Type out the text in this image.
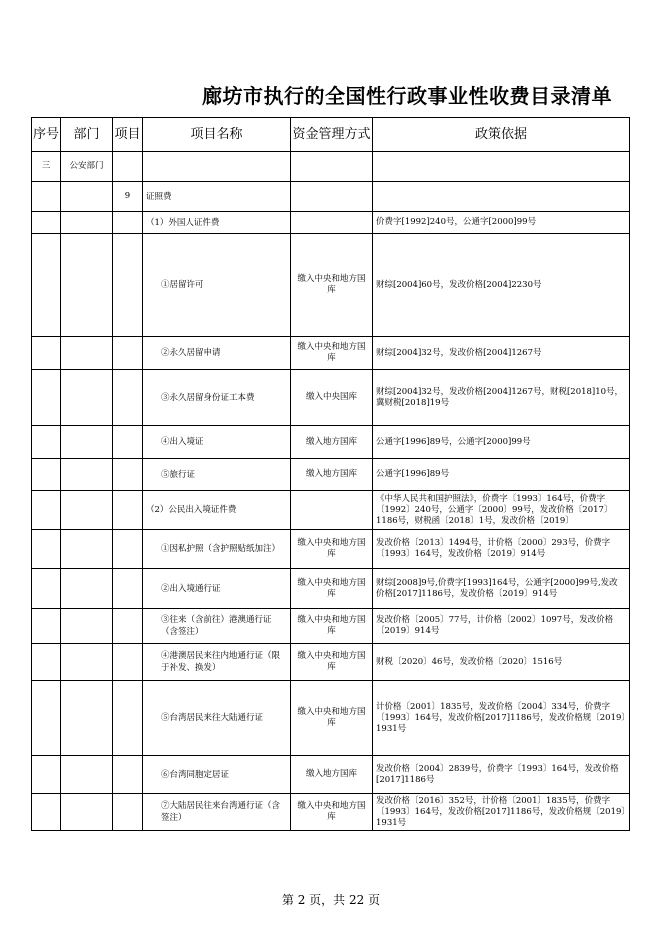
廊坊市执行的全国性行政事业性收费目录清单
序号	部门	项目	项目名称	资金管理方式	政策依据
三	公安部门				
		9	证照费		
			（1）外国人证件费		价费字[1992]240号，公通字[2000]99号
			①居留许可	缴入中央和地方国库	财综[2004]60号，发改价格[2004]2230号
			②永久居留申请	缴入中央和地方国库	财综[2004]32号，发改价格[2004]1267号
			③永久居留身份证工本费	缴入中央国库	财综[2004]32号，发改价格[2004]1267号，财税[2018]10号，冀财税[2018]19号
			④出入境证	缴入地方国库	公通字[1996]89号，公通字[2000]99号
			⑤旅行证	缴入地方国库	公通字[1996]89号
			（2）公民出入境证件费		《中华人民共和国护照法》，价费字〔1993〕164号，价费字〔1992〕240号，公通字〔2000〕99号，发改价格〔2017〕1186号，财税函〔2018〕1号，发改价格〔2019〕
			①因私护照（含护照贴纸加注）	缴入中央和地方国库	发改价格〔2013〕1494号，计价格〔2000〕293号，价费字〔1993〕164号，发改价格〔2019〕914号
			②出入境通行证	缴入中央和地方国库	财综[2008]9号,价费字[1993]164号，公通字[2000]99号,发改价格[2017]1186号，发改价格〔2019〕914号
			③往来（含前往）港澳通行证（含签注）	缴入中央和地方国库	发改价格〔2005〕77号，计价格〔2002〕1097号，发改价格〔2019〕914号
			④港澳居民来往内地通行证（限于补发、换发）	缴入中央和地方国库	财税〔2020〕46号，发改价格〔2020〕1516号
			⑤台湾居民来往大陆通行证	缴入中央和地方国库	计价格〔2001〕1835号，发改价格〔2004〕334号，价费字〔1993〕164号，发改价格[2017]1186号，发改价格规〔2019〕1931号
			⑥台湾同胞定居证	缴入地方国库	发改价格〔2004〕2839号，价费字〔1993〕164号，发改价格[2017]1186号
			⑦大陆居民往来台湾通行证（含签注）	缴入中央和地方国库	发改价格〔2016〕352号，计价格〔2001〕1835号，价费字〔1993〕164号，发改价格[2017]1186号，发改价格规〔2019〕1931号
第 2 页，共 22 页
